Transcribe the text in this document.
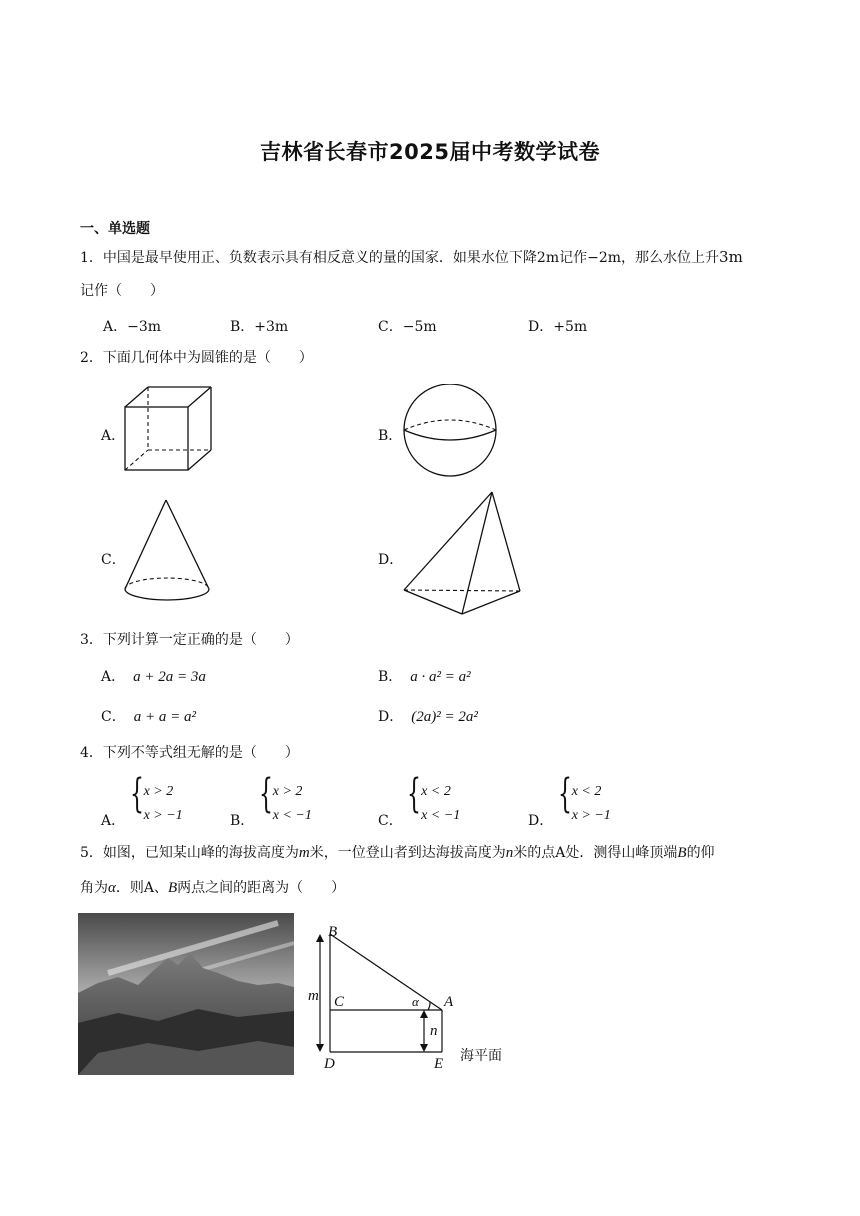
吉林省长春市2025届中考数学试卷
一、单选题
1．中国是最早使用正、负数表示具有相反意义的量的国家．如果水位下降2m记作−2m，那么水位上升3m
记作（　　）
A．−3m	B．+3m	C．−5m	D．+5m
2．下面几何体中为圆锥的是（　　）
A．	B．
C．	D．
3．下列计算一定正确的是（　　）
A． a + 2a = 3a	B． a · a² = a²
C． a + a = a²	D． (2a)² = 2a²
4．下列不等式组无解的是（　　）
A．
{ x > 2
x > −1	B．
{ x > 2
x < −1	C．
{ x < 2
x < −1	D．
{ x < 2
x > −1
5．如图，已知某山峰的海拔高度为m米，一位登山者到达海拔高度为n米的点A处．测得山峰顶端B的仰
角为α．则A、B两点之间的距离为（　　）
B
C	A
D	E
m
n
α
海平面
